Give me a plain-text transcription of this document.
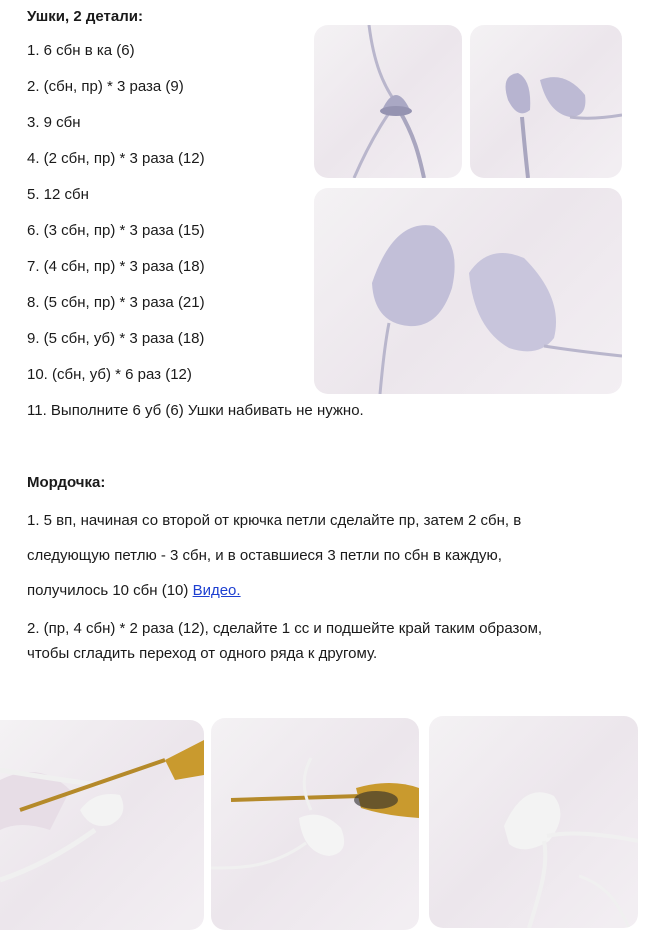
Ушки, 2 детали:
1. 6 сбн в ка (6)
2. (сбн, пр) * 3 раза (9)
3. 9 сбн
4. (2 сбн, пр) * 3 раза (12)
5. 12 сбн
6. (3 сбн, пр) * 3 раза (15)
7. (4 сбн, пр) * 3 раза (18)
8. (5 сбн, пр) * 3 раза (21)
9. (5 сбн, уб) * 3 раза (18)
10. (сбн, уб) * 6 раз (12)
11. Выполните 6 уб (6) Ушки набивать не нужно.
Мордочка:
1. 5 вп, начиная со второй от крючка петли сделайте пр, затем 2 сбн, в
следующую петлю - 3 сбн, и в оставшиеся 3 петли по сбн в каждую,
получилось 10 сбн (10) Видео.
2. (пр, 4 сбн) * 2 раза (12), сделайте 1 сс и подшейте край таким образом,
чтобы сгладить переход от одного ряда к другому.
